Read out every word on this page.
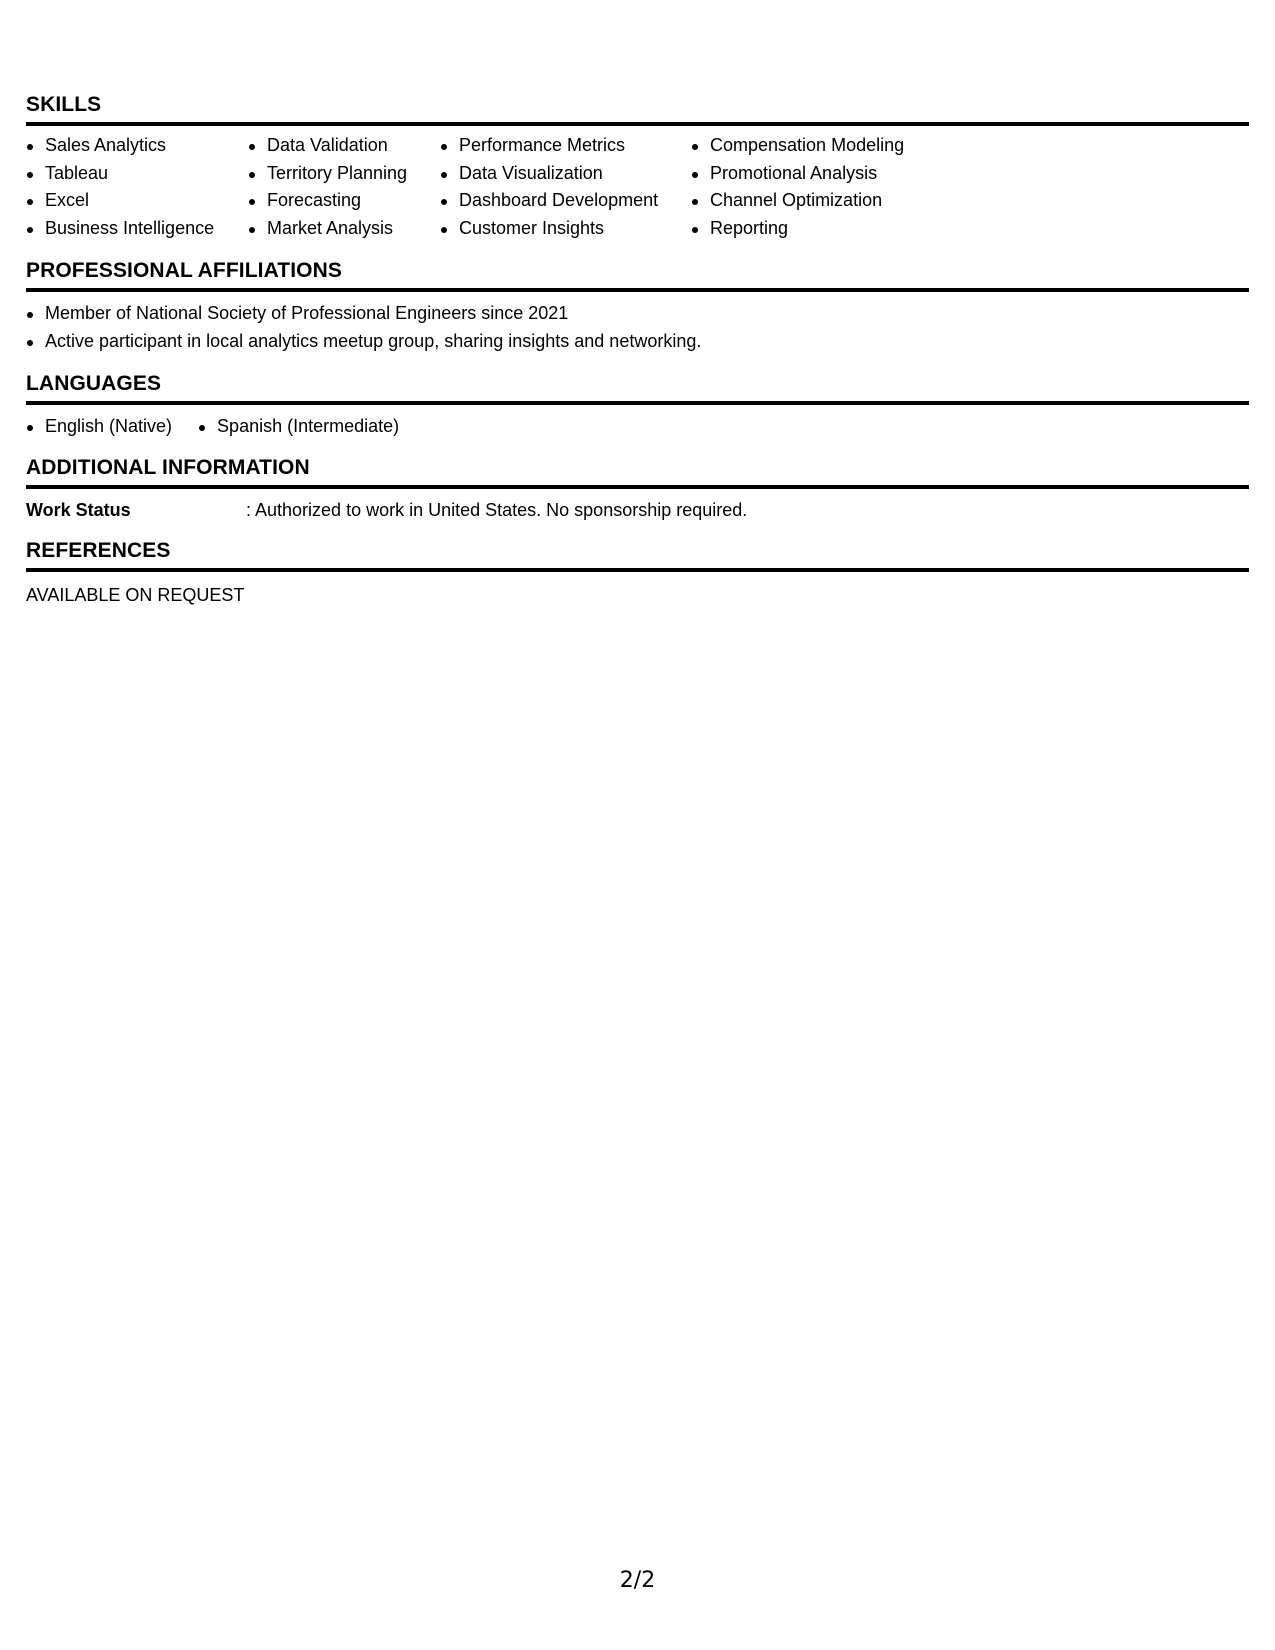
SKILLS
Sales Analytics
Tableau
Excel
Business Intelligence
Data Validation
Territory Planning
Forecasting
Market Analysis
Performance Metrics
Data Visualization
Dashboard Development
Customer Insights
Compensation Modeling
Promotional Analysis
Channel Optimization
Reporting
PROFESSIONAL AFFILIATIONS
Member of National Society of Professional Engineers since 2021
Active participant in local analytics meetup group, sharing insights and networking.
LANGUAGES
English (Native)	Spanish (Intermediate)
ADDITIONAL INFORMATION
Work Status	: Authorized to work in United States. No sponsorship required.
REFERENCES
AVAILABLE ON REQUEST
2/2
